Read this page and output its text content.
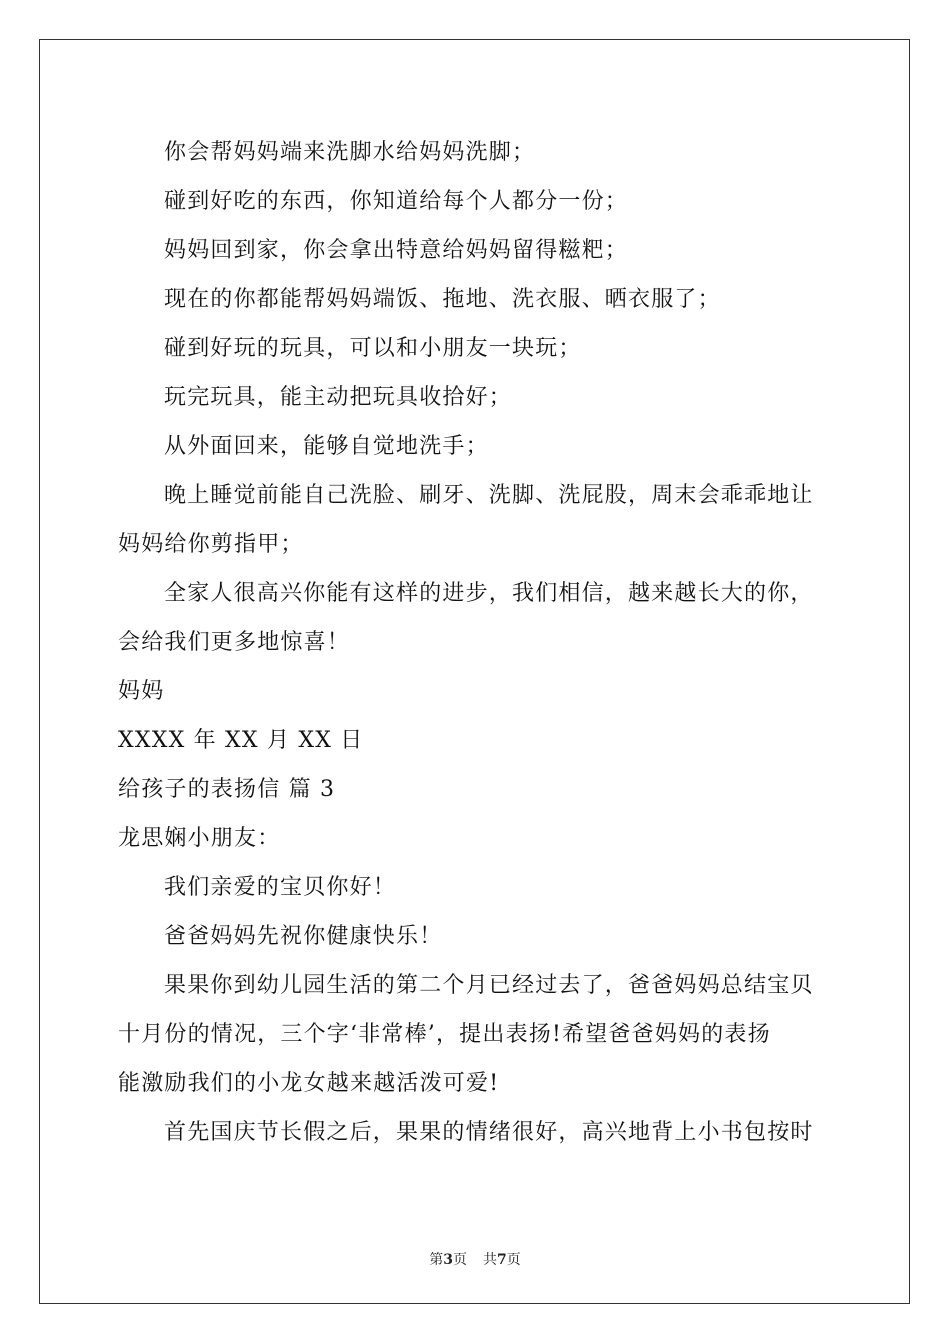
你会帮妈妈端来洗脚水给妈妈洗脚；
碰到好吃的东西，你知道给每个人都分一份；
妈妈回到家，你会拿出特意给妈妈留得糍粑；
现在的你都能帮妈妈端饭、拖地、洗衣服、晒衣服了；
碰到好玩的玩具，可以和小朋友一块玩；
玩完玩具，能主动把玩具收拾好；
从外面回来，能够自觉地洗手；
晚上睡觉前能自己洗脸、刷牙、洗脚、洗屁股，周末会乖乖地让
妈妈给你剪指甲；
全家人很高兴你能有这样的进步，我们相信，越来越长大的你，
会给我们更多地惊喜！
妈妈
XXXX 年 XX 月 XX 日
给孩子的表扬信 篇 3
龙思娴小朋友：
我们亲爱的宝贝你好！
爸爸妈妈先祝你健康快乐！
果果你到幼儿园生活的第二个月已经过去了，爸爸妈妈总结宝贝
十月份的情况，三个字‘非常棒’，提出表扬!希望爸爸妈妈的表扬
能激励我们的小龙女越来越活泼可爱!
首先国庆节长假之后，果果的情绪很好，高兴地背上小书包按时
第3页 共7页
